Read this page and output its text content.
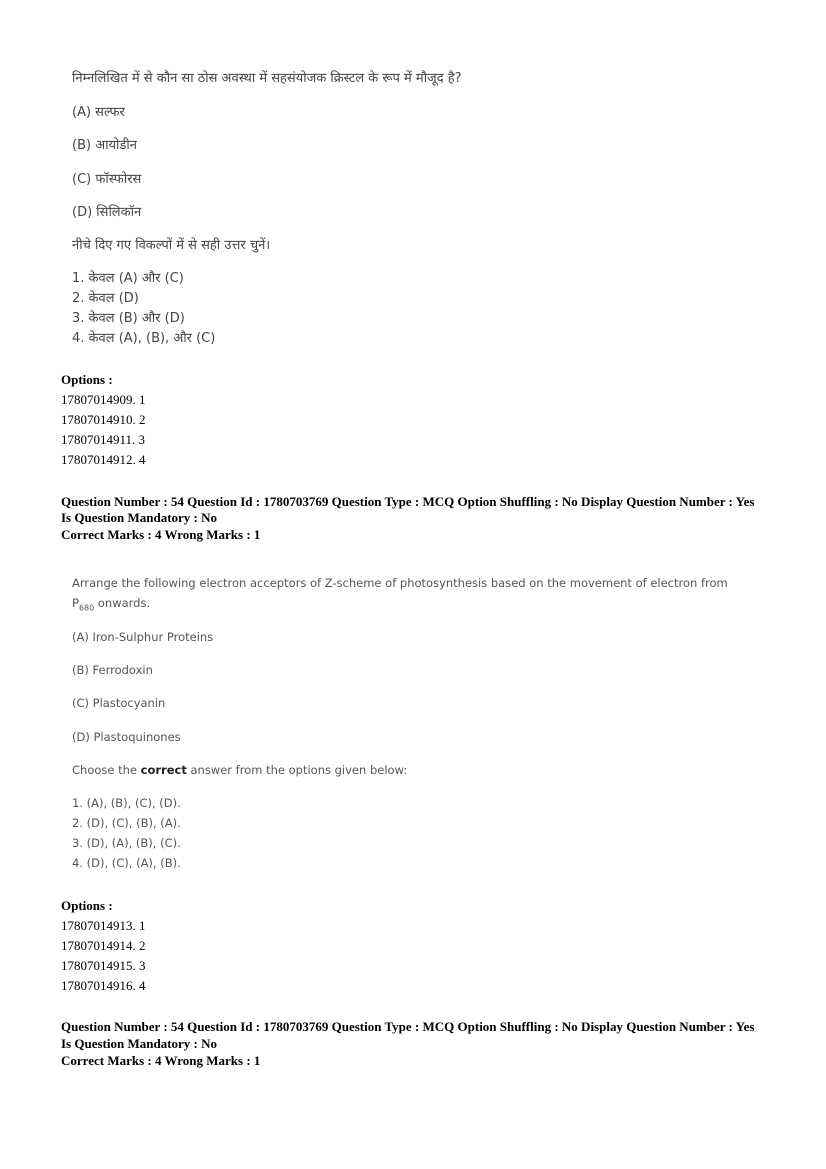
निम्नलिखित में से कौन सा ठोस अवस्था में सहसंयोजक क्रिस्टल के रूप में मौजूद है?
(A) सल्फर
(B) आयोडीन
(C) फॉस्फोरस
(D) सिलिकॉन
नीचे दिए गए विकल्पों में से सही उत्तर चुनें।
1. केवल (A) और (C)
2. केवल (D)
3. केवल (B) और (D)
4. केवल (A), (B), और (C)
Options :
17807014909. 1
17807014910. 2
17807014911. 3
17807014912. 4
Question Number : 54 Question Id : 1780703769 Question Type : MCQ Option Shuffling : No Display Question Number : Yes
Is Question Mandatory : No
Correct Marks : 4 Wrong Marks : 1
Arrange the following electron acceptors of Z-scheme of photosynthesis based on the movement of electron from
$P_{680}$ onwards.
(A) Iron-Sulphur Proteins
(B) Ferrodoxin
(C) Plastocyanin
(D) Plastoquinones
Choose the correct answer from the options given below:
1. (A), (B), (C), (D).
2. (D), (C), (B), (A).
3. (D), (A), (B), (C).
4. (D), (C), (A), (B).
Options :
17807014913. 1
17807014914. 2
17807014915. 3
17807014916. 4
Question Number : 54 Question Id : 1780703769 Question Type : MCQ Option Shuffling : No Display Question Number : Yes
Is Question Mandatory : No
Correct Marks : 4 Wrong Marks : 1
